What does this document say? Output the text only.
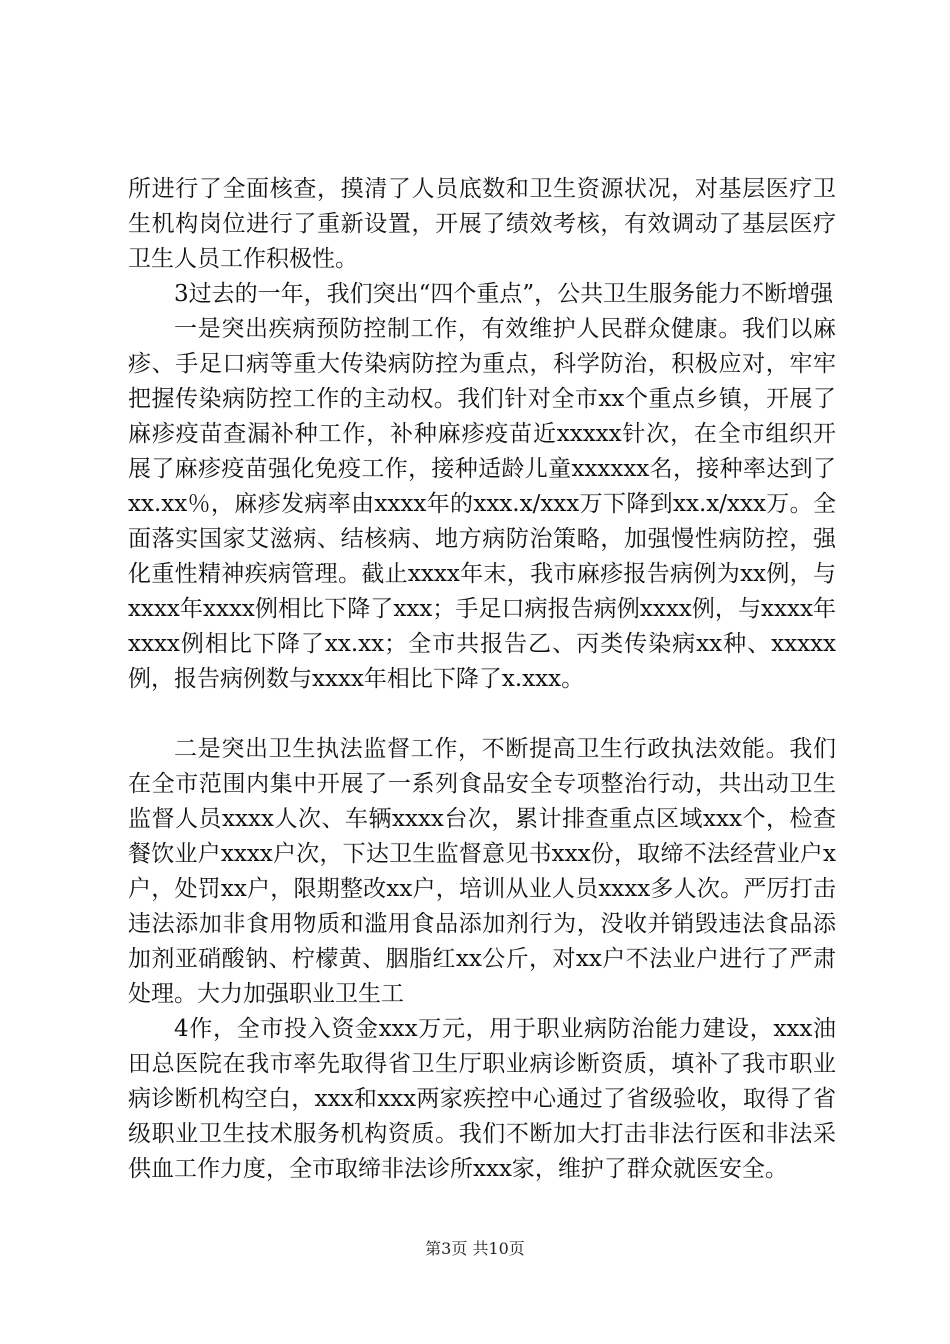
所进行了全面核查，摸清了人员底数和卫生资源状况，对基层医疗卫生机构岗位进行了重新设置，开展了绩效考核，有效调动了基层医疗卫生人员工作积极性。

3过去的一年，我们突出“四个重点”，公共卫生服务能力不断增强

一是突出疾病预防控制工作，有效维护人民群众健康。我们以麻疹、手足口病等重大传染病防控为重点，科学防治，积极应对，牢牢把握传染病防控工作的主动权。我们针对全市xx个重点乡镇，开展了麻疹疫苗查漏补种工作，补种麻疹疫苗近xxxxx针次，在全市组织开展了麻疹疫苗强化免疫工作，接种适龄儿童xxxxxx名，接种率达到了xx.xx％，麻疹发病率由xxxx年的xxx.x/xxx万下降到xx.x/xxx万。全面落实国家艾滋病、结核病、地方病防治策略，加强慢性病防控，强化重性精神疾病管理。截止xxxx年末，我市麻疹报告病例为xx例，与xxxx年xxxx例相比下降了xxx；手足口病报告病例xxxx例，与xxxx年xxxx例相比下降了xx.xx；全市共报告乙、丙类传染病xx种、xxxxx例，报告病例数与xxxx年相比下降了x.xxx。

二是突出卫生执法监督工作，不断提高卫生行政执法效能。我们在全市范围内集中开展了一系列食品安全专项整治行动，共出动卫生监督人员xxxx人次、车辆xxxx台次，累计排查重点区域xxx个，检查餐饮业户xxxx户次，下达卫生监督意见书xxx份，取缔不法经营业户x户，处罚xx户，限期整改xx户，培训从业人员xxxx多人次。严厉打击违法添加非食用物质和滥用食品添加剂行为，没收并销毁违法食品添加剂亚硝酸钠、柠檬黄、胭脂红xx公斤，对xx户不法业户进行了严肃处理。大力加强职业卫生工

4作，全市投入资金xxx万元，用于职业病防治能力建设，xxx油田总医院在我市率先取得省卫生厅职业病诊断资质，填补了我市职业病诊断机构空白，xxx和xxx两家疾控中心通过了省级验收，取得了省级职业卫生技术服务机构资质。我们不断加大打击非法行医和非法采供血工作力度，全市取缔非法诊所xxx家，维护了群众就医安全。

第3页 共10页
